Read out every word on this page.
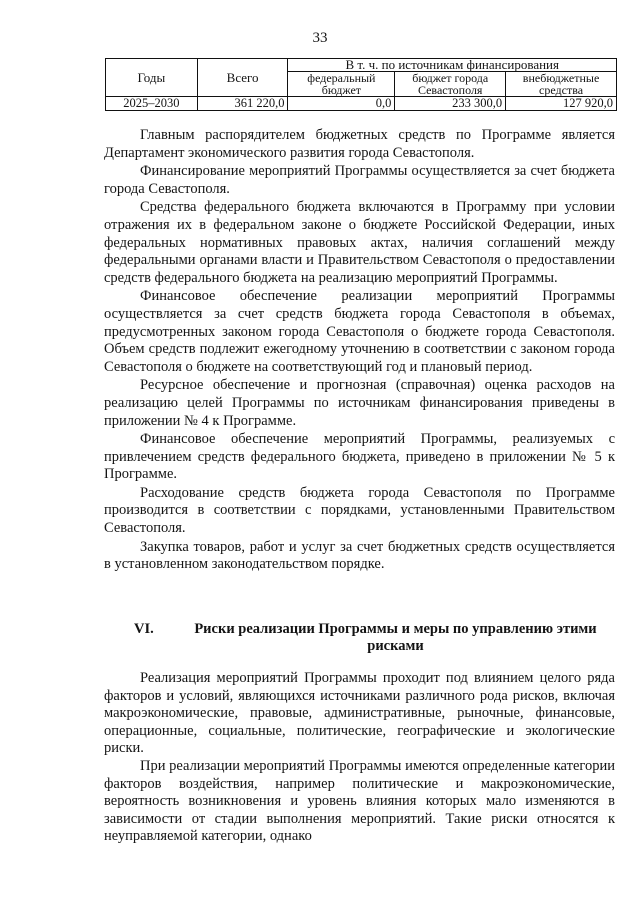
33
Годы	Всего	В т. ч. по источникам финансирования		
		федеральный бюджет	бюджет города Севастополя	внебюджетные средства
2025–2030	361 220,0	0,0	233 300,0	127 920,0

Главным распорядителем бюджетных средств по Программе является Департамент экономического развития города Севастополя.

Финансирование мероприятий Программы осуществляется за счет бюджета города Севастополя.

Средства федерального бюджета включаются в Программу при условии отражения их в федеральном законе о бюджете Российской Федерации, иных федеральных нормативных правовых актах, наличия соглашений между федеральными органами власти и Правительством Севастополя о предоставлении средств федерального бюджета на реализацию мероприятий Программы.

Финансовое обеспечение реализации мероприятий Программы осуществляется за счет средств бюджета города Севастополя в объемах, предусмотренных законом города Севастополя о бюджете города Севастополя. Объем средств подлежит ежегодному уточнению в соответствии с законом города Севастополя о бюджете на соответствующий год и плановый период.

Ресурсное обеспечение и прогнозная (справочная) оценка расходов на реализацию целей Программы по источникам финансирования приведены в приложении № 4 к Программе.

Финансовое обеспечение мероприятий Программы, реализуемых с привлечением средств федерального бюджета, приведено в приложении № 5 к Программе.

Расходование средств бюджета города Севастополя по Программе производится в соответствии с порядками, установленными Правительством Севастополя.

Закупка товаров, работ и услуг за счет бюджетных средств осуществляется в установленном законодательством порядке.

VI.	Риски реализации Программы и меры по управлению этими рисками

Реализация мероприятий Программы проходит под влиянием целого ряда факторов и условий, являющихся источниками различного рода рисков, включая макроэкономические, правовые, административные, рыночные, финансовые, операционные, социальные, политические, географические и экологические риски.

При реализации мероприятий Программы имеются определенные категории факторов воздействия, например политические и макроэкономические, вероятность возникновения и уровень влияния которых мало изменяются в зависимости от стадии выполнения мероприятий. Такие риски относятся к неуправляемой категории, однако
